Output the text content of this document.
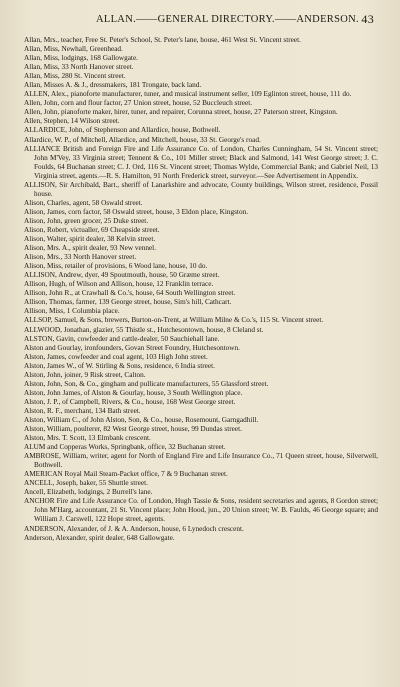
ALLAN.——GENERAL DIRECTORY.——ANDERSON. 43

Allan, Mrs., teacher, Free St. Peter's School, St. Peter's lane, house, 461 West St. Vincent street.

Allan, Miss, Newhall, Greenhead.

Allan, Miss, lodgings, 168 Gallowgate.

Allan, Miss, 33 North Hanover street.

Allan, Miss, 280 St. Vincent street.

Allan, Misses A. & J., dressmakers, 181 Trongate, back land.

ALLEN, Alex., pianoforte manufacturer, tuner, and musical instrument seller, 109 Eglinton street, house, 111 do.

Allen, John, corn and flour factor, 27 Union street, house, 52 Buccleuch street.

Allen, John, pianoforte maker, hirer, tuner, and repairer, Corunna street, house, 27 Paterson street, Kingston.

Allen, Stephen, 14 Wilson street.

ALLARDICE, John, of Stephenson and Allardice, house, Bothwell.

Allardice, W. P., of Mitchell, Allardice, and Mitchell, house, 33 St. George's road.

ALLIANCE British and Foreign Fire and Life Assurance Co. of London, Charles Cunningham, 54 St. Vincent street; John M'Vey, 33 Virginia street; Tennent & Co., 101 Miller street; Black and Salmond, 141 West George street; J. C. Foulds, 64 Buchanan street; C. J. Ord, 116 St. Vincent street; Thomas Wylde, Commercial Bank; and Gabriel Neil, 13 Virginia street, agents.—R. S. Hamilton, 91 North Frederick street, surveyor.—See Advertisement in Appendix.

ALLISON, Sir Archibald, Bart., sheriff of Lanarkshire and advocate, County buildings, Wilson street, residence, Possil house.

Alison, Charles, agent, 58 Oswald street.

Alison, James, corn factor, 58 Oswald street, house, 3 Eldon place, Kingston.

Alison, John, green grocer, 25 Duke street.

Alison, Robert, victualler, 69 Cheapside street.

Alison, Walter, spirit dealer, 38 Kelvin street.

Alison, Mrs. A., spirit dealer, 93 New vennel.

Alison, Mrs., 33 North Hanover street.

Alison, Miss, retailer of provisions, 6 Wood lane, house, 10 do.

ALLISON, Andrew, dyer, 49 Spoutmouth, house, 50 Græme street.

Allison, Hugh, of Wilson and Allison, house, 12 Franklin terrace.

Allison, John R., at Crawhall & Co.'s, house, 64 South Wellington street.

Allison, Thomas, farmer, 139 George street, house, Sim's hill, Cathcart.

Allison, Miss, 1 Columbia place.

ALLSOP, Samuel, & Sons, brewers, Burton-on-Trent, at William Milne & Co.'s, 115 St. Vincent street.

ALLWOOD, Jonathan, glazier, 55 Thistle st., Hutchesontown, house, 8 Cleland st.

ALSTON, Gavin, cowfeeder and cattle-dealer, 50 Sauchiehall lane.

Alston and Gourlay, ironfounders, Govan Street Foundry, Hutchesontown.

Alston, James, cowfeeder and coal agent, 103 High John street.

Alston, James W., of W. Stirling & Sons, residence, 6 India street.

Alston, John, joiner, 9 Risk street, Calton.

Alston, John, Son, & Co., gingham and pullicate manufacturers, 55 Glassford street.

Alston, John James, of Alston & Gourlay, house, 3 South Wellington place.

Alston, J. P., of Campbell, Rivers, & Co., house, 168 West George street.

Alston, R. F., merchant, 134 Bath street.

Alston, William C., of John Alston, Son, & Co., house, Rosemount, Garngadhill.

Alston, William, poulterer, 82 West George street, house, 99 Dundas street.

Alston, Mrs. T. Scott, 13 Elmbank crescent.

ALUM and Copperas Works, Springbank, office, 32 Buchanan street.

AMBROSE, William, writer, agent for North of England Fire and Life Insurance Co., 71 Queen street, house, Silverwell, Bothwell.

AMERICAN Royal Mail Steam-Packet office, 7 & 9 Buchanan street.

ANCELL, Joseph, baker, 55 Shuttle street.

Ancell, Elizabeth, lodgings, 2 Burrell's lane.

ANCHOR Fire and Life Assurance Co. of London, Hugh Tassie & Sons, resident secretaries and agents, 8 Gordon street; John M'Harg, accountant, 21 St. Vincent place; John Hood, jun., 20 Union street; W. B. Faulds, 46 George square; and William J. Carswell, 122 Hope street, agents.

ANDERSON, Alexander, of J. & A. Anderson, house, 6 Lynedoch crescent.

Anderson, Alexander, spirit dealer, 648 Gallowgate.
